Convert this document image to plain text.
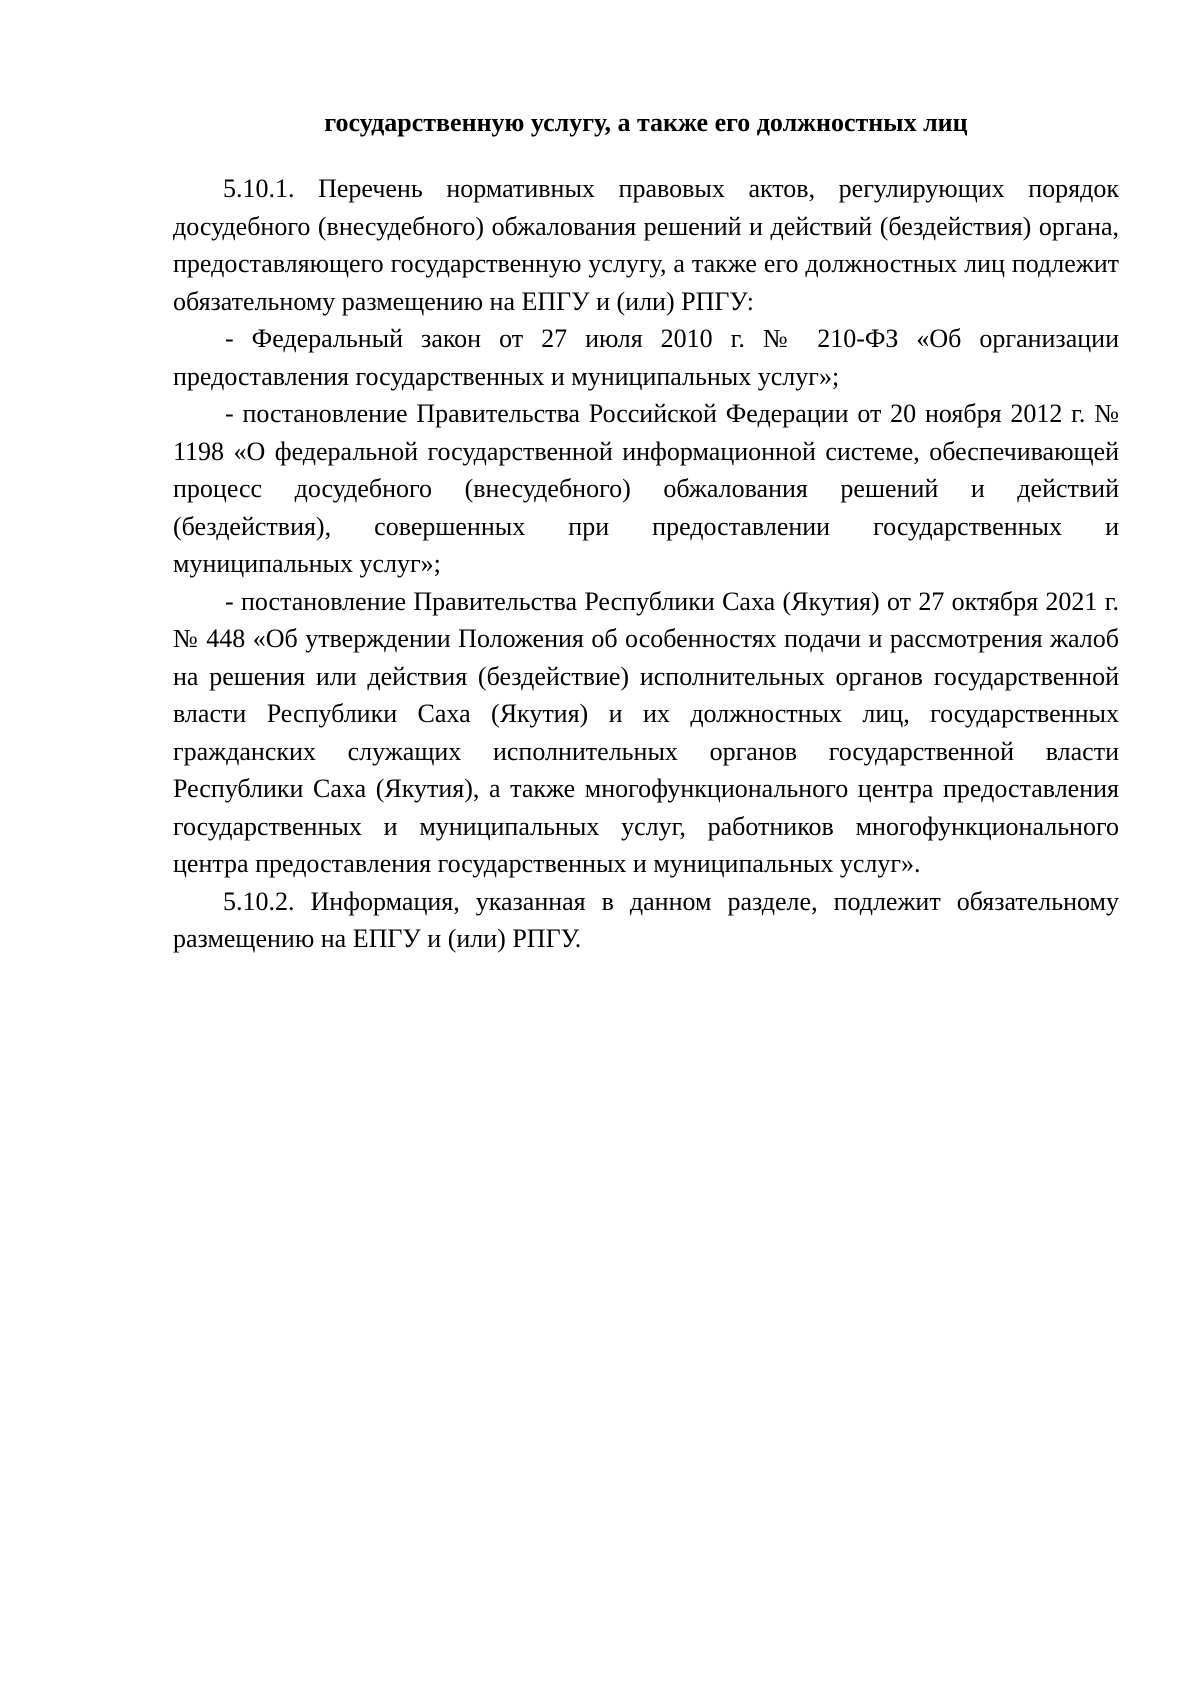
государственную услугу, а также его должностных лиц

5.10.1. Перечень нормативных правовых актов, регулирующих порядок досудебного (внесудебного) обжалования решений и действий (бездействия) органа, предоставляющего государственную услугу, а также его должностных лиц подлежит обязательному размещению на ЕПГУ и (или) РПГУ:

- Федеральный закон от 27 июля 2010 г. № 210-ФЗ «Об организации предоставления государственных и муниципальных услуг»;

- постановление Правительства Российской Федерации от 20 ноября 2012 г. № 1198 «О федеральной государственной информационной системе, обеспечивающей процесс досудебного (внесудебного) обжалования решений и действий (бездействия), совершенных при предоставлении государственных и муниципальных услуг»;

- постановление Правительства Республики Саха (Якутия) от 27 октября 2021 г. № 448 «Об утверждении Положения об особенностях подачи и рассмотрения жалоб на решения или действия (бездействие) исполнительных органов государственной власти Республики Саха (Якутия) и их должностных лиц, государственных гражданских служащих исполнительных органов государственной власти Республики Саха (Якутия), а также многофункционального центра предоставления государственных и муниципальных услуг, работников многофункционального центра предоставления государственных и муниципальных услуг».

5.10.2. Информация, указанная в данном разделе, подлежит обязательному размещению на ЕПГУ и (или) РПГУ.
